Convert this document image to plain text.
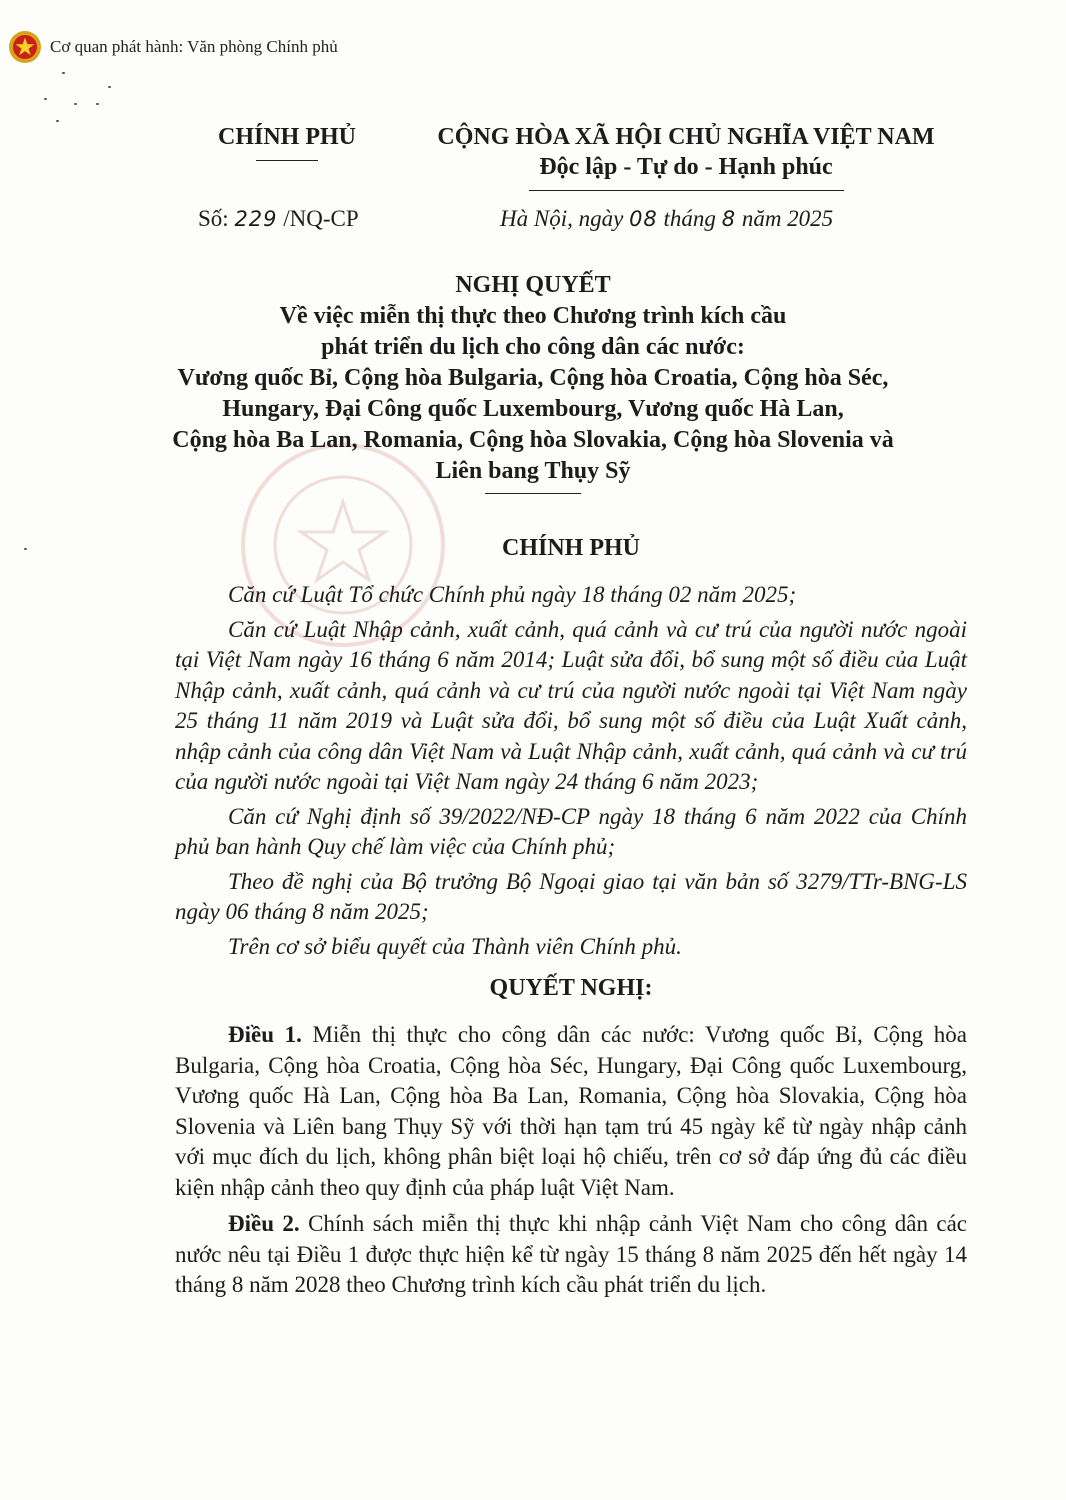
Cơ quan phát hành: Văn phòng Chính phủ
CHÍNH PHỦ	CỘNG HÒA XÃ HỘI CHỦ NGHĨA VIỆT NAM
Độc lập - Tự do - Hạnh phúc
Số: 229 /NQ-CP	Hà Nội, ngày 08 tháng 8 năm 2025
NGHỊ QUYẾT
Về việc miễn thị thực theo Chương trình kích cầu
phát triển du lịch cho công dân các nước:
Vương quốc Bỉ, Cộng hòa Bulgaria, Cộng hòa Croatia, Cộng hòa Séc,
Hungary, Đại Công quốc Luxembourg, Vương quốc Hà Lan,
Cộng hòa Ba Lan, Romania, Cộng hòa Slovakia, Cộng hòa Slovenia và
Liên bang Thụy Sỹ
CHÍNH PHỦ

Căn cứ Luật Tổ chức Chính phủ ngày 18 tháng 02 năm 2025;

Căn cứ Luật Nhập cảnh, xuất cảnh, quá cảnh và cư trú của người nước ngoài tại Việt Nam ngày 16 tháng 6 năm 2014; Luật sửa đổi, bổ sung một số điều của Luật Nhập cảnh, xuất cảnh, quá cảnh và cư trú của người nước ngoài tại Việt Nam ngày 25 tháng 11 năm 2019 và Luật sửa đổi, bổ sung một số điều của Luật Xuất cảnh, nhập cảnh của công dân Việt Nam và Luật Nhập cảnh, xuất cảnh, quá cảnh và cư trú của người nước ngoài tại Việt Nam ngày 24 tháng 6 năm 2023;

Căn cứ Nghị định số 39/2022/NĐ-CP ngày 18 tháng 6 năm 2022 của Chính phủ ban hành Quy chế làm việc của Chính phủ;

Theo đề nghị của Bộ trưởng Bộ Ngoại giao tại văn bản số 3279/TTr-BNG-LS ngày 06 tháng 8 năm 2025;

Trên cơ sở biểu quyết của Thành viên Chính phủ.

QUYẾT NGHỊ:

Điều 1. Miễn thị thực cho công dân các nước: Vương quốc Bỉ, Cộng hòa Bulgaria, Cộng hòa Croatia, Cộng hòa Séc, Hungary, Đại Công quốc Luxembourg, Vương quốc Hà Lan, Cộng hòa Ba Lan, Romania, Cộng hòa Slovakia, Cộng hòa Slovenia và Liên bang Thụy Sỹ với thời hạn tạm trú 45 ngày kể từ ngày nhập cảnh với mục đích du lịch, không phân biệt loại hộ chiếu, trên cơ sở đáp ứng đủ các điều kiện nhập cảnh theo quy định của pháp luật Việt Nam.

Điều 2. Chính sách miễn thị thực khi nhập cảnh Việt Nam cho công dân các nước nêu tại Điều 1 được thực hiện kể từ ngày 15 tháng 8 năm 2025 đến hết ngày 14 tháng 8 năm 2028 theo Chương trình kích cầu phát triển du lịch.
